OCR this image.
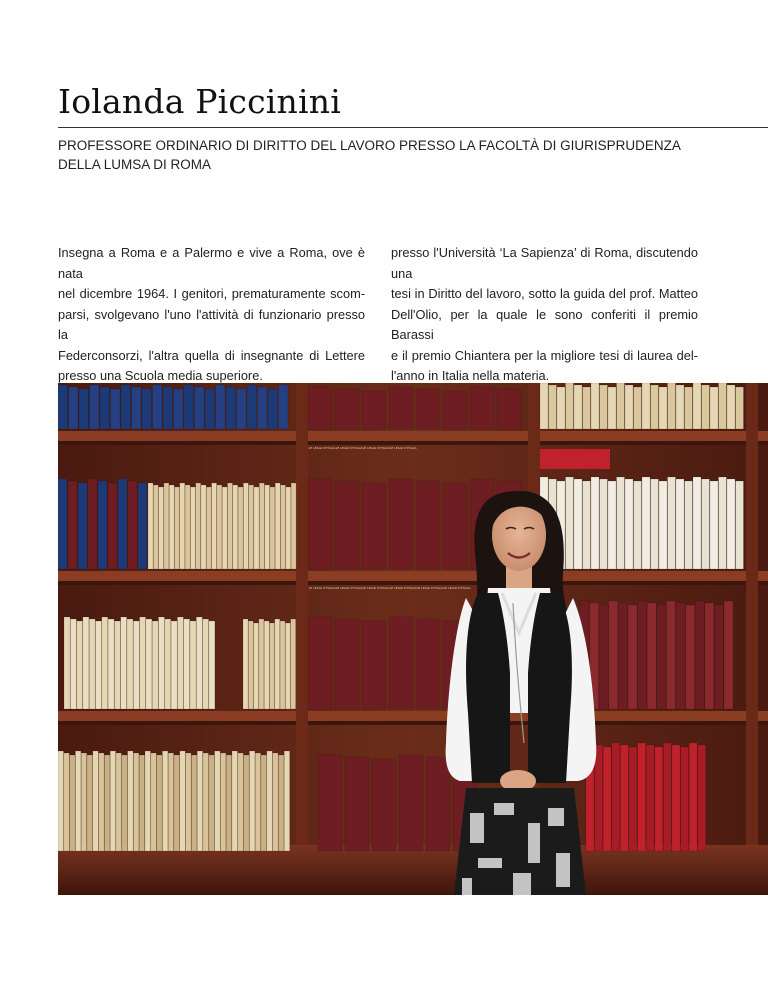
Iolanda Piccinini
PROFESSORE ORDINARIO DI DIRITTO DEL LAVORO PRESSO LA FACOLTÀ DI GIURISPRUDENZA
DELLA LUMSA DI ROMA
Insegna a Roma e a Palermo e vive a Roma, ove è nata
nel dicembre 1964. I genitori, prematuramente scom-
parsi, svolgevano l'uno l'attività di funzionario presso la
Federconsorzi, l'altra quella di insegnante di Lettere
presso una Scuola media superiore.
presso l'Università ‘La Sapienza’ di Roma, discutendo una
tesi in Diritto del lavoro, sotto la guida del prof. Matteo
Dell'Olio, per la quale le sono conferiti il premio Barassi
e il premio Chiantera per la migliore tesi di laurea del-
l'anno in Italia nella materia.
LE LEGGI D'ITALIA LE LEGGI D'ITALIA LE LEGGI D'ITALIA LE LEGGI D'ITALIA
LE LEGGI D'ITALIA LE LEGGI D'ITALIA LE LEGGI D'ITALIA LE LEGGI D'ITALIA LE LEGGI D'ITALIA LE LEGGI D'ITALIA
